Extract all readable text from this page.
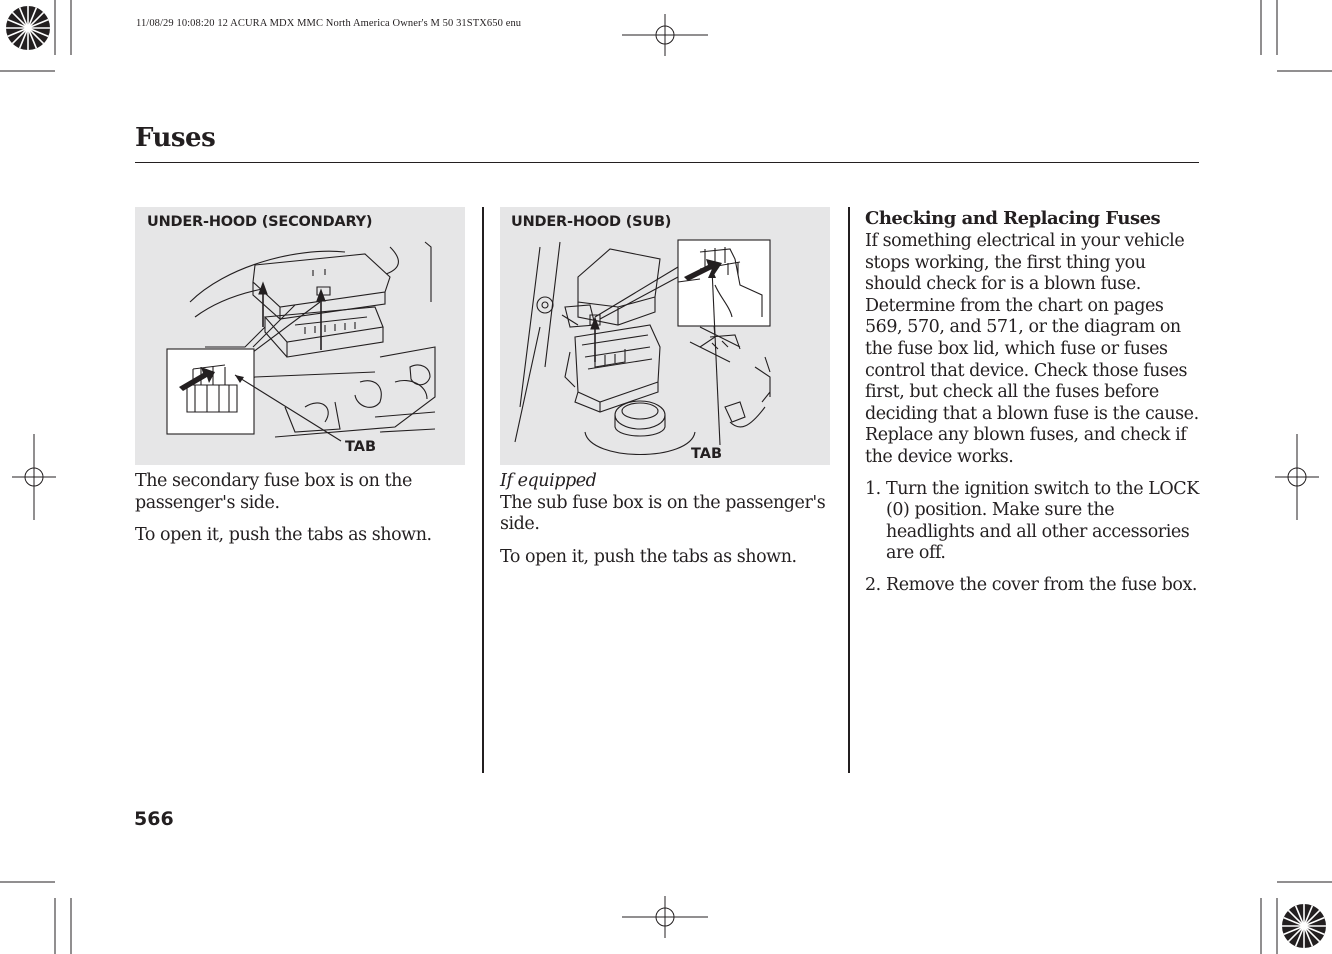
11/08/29 10:08:20 12 ACURA MDX MMC North America Owner's M 50 31STX650 enu
Fuses
UNDER-HOOD (SECONDARY)
TAB

The secondary fuse box is on the passenger's side.

To open it, push the tabs as shown.

UNDER-HOOD (SUB)
TAB

If equipped

The sub fuse box is on the passenger's side.

To open it, push the tabs as shown.

Checking and Replacing Fuses
If something electrical in your vehicle stops working, the first thing you should check for is a blown fuse. Determine from the chart on pages 569, 570, and 571, or the diagram on the fuse box lid, which fuse or fuses control that device. Check those fuses first, but check all the fuses before deciding that a blown fuse is the cause. Replace any blown fuses, and check if the device works.
1. Turn the ignition switch to the LOCK (0) position. Make sure the headlights and all other accessories are off.
2. Remove the cover from the fuse box.
566
